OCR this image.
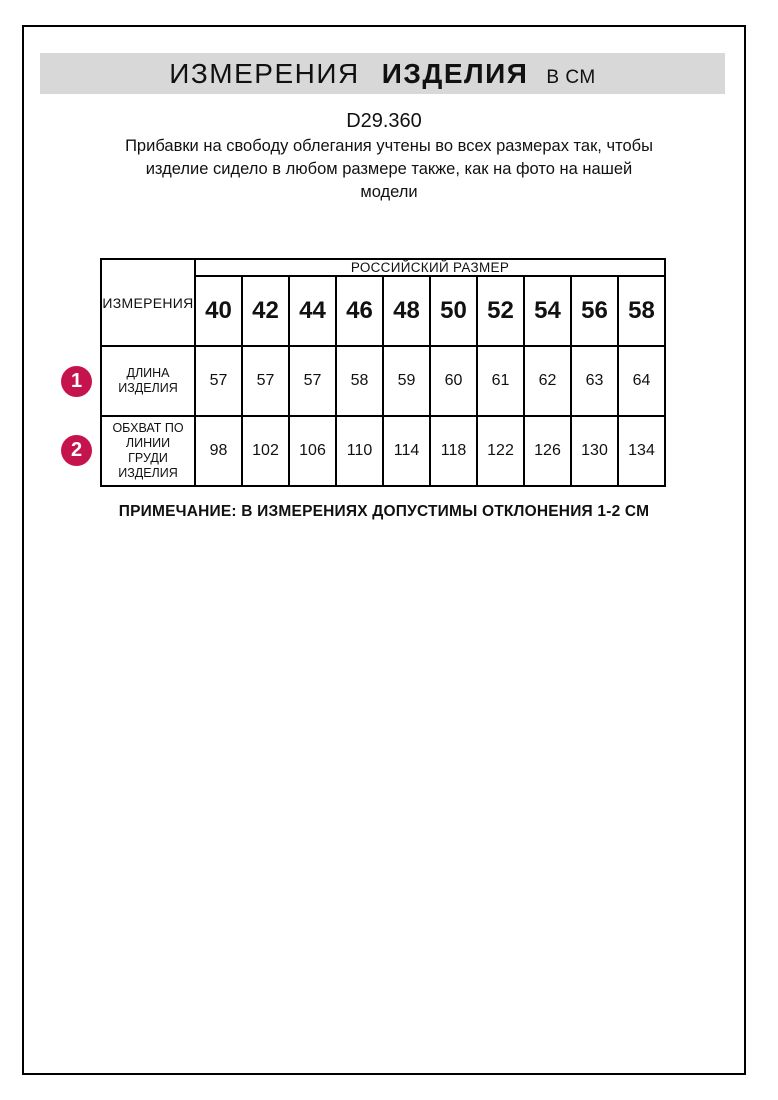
ИЗМЕРЕНИЯ ИЗДЕЛИЯ В СМ
D29.360
Прибавки на свободу облегания учтены во всех размерах так, чтобы
изделие сидело в любом размере также, как на фото на нашей
модели
ИЗМЕРЕНИЯ	РОССИЙСКИЙ РАЗМЕР									
	40	42	44	46	48	50	52	54	56	58

ДЛИНА
ИЗДЕЛИЯ	57	57	57	58	59	60	61	62	63	64

ОБХВАТ ПО
ЛИНИИ
ГРУДИ
ИЗДЕЛИЯ	98	102	106	110	114	118	122	126	130	134
1
2
ПРИМЕЧАНИЕ: В ИЗМЕРЕНИЯХ ДОПУСТИМЫ ОТКЛОНЕНИЯ 1-2 СМ
